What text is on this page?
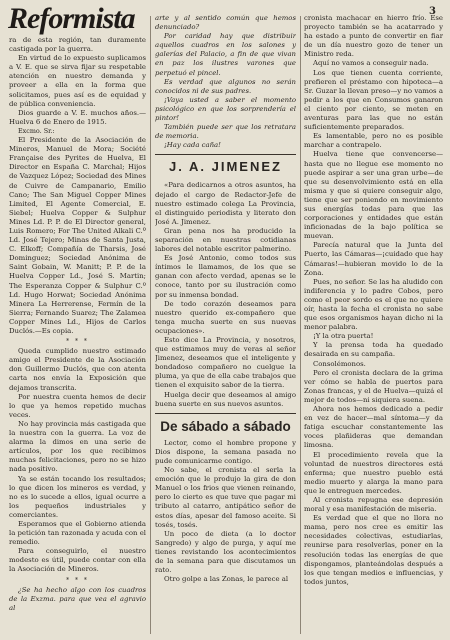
Reformista	3

ra de esta región, tan duramente castigada por la guerra.

En virtud de lo expuesto suplicamos a V. E. que se sirva fijar su respetable atención en nuestro demanda y proveer a ella en la forma que solicitamos, pues así es de equidad y de pública conveniencia.

Dios guarde a V. E. muchos años.—Huelva 6 de Enero de 1915.

Excmo. Sr.:

El Presidente de la Asociación de Mineros, Manuel de Mora; Société Française des Pyrites de Huelva, El Director en España C. Marchal; Hijos de Vazquez López; Sociedad des Mines de Cuivre de Campanario, Emilio Cano; The San Miguel Copper Mines Limited, El Agente Comercial, E. Siebel; Huelva Copper & Sulphur Mines Ld. P. P. de El Director general, Luis Romero; For The United Alkali C.º Ld. José Tejero; Minas de Santa Justa, C. Elkoff; Compañía de Tharsis, José Dominguez; Sociedad Anónima de Saint Gobain, W. Manitt; P. P. de la Huelva Copper Ld., José S. Martin; The Esperanza Copper & Sulphur C.º Ld. Hugo Horwat; Sociedad Anónima Minera La Herrerense, Fermín de la Sierra; Fernando Suarez; The Zalamea Copper Mines Ld., Hijos de Carlos Duclós.—Es copia.

* * *

Queda cumplido nuestro estimado amigo el Presidente de la Asociación don Guillermo Duclós, que con atenta carta nos envía la Exposición que dejamos transcrita.

Por nuestra cuenta hemos de decir lo que ya hemos repetido muchas veces.

No hay provincia más castigada que la nuestra con la guerra. La voz de alarma la dimos en una serie de artículos, por los que recibimos muchas felicitaciones, pero no se hizo nada positivo.

Ya se están tocando los resultados; lo que dicen los mineros es verdad, y no es lo sucede a ellos, igual ocurre a los pequeños industriales y comerciantes.

Esperamos que el Gobierno atienda la petición tan razonada y acuda con el remedio.

Para conseguirlo, el nuestro modesto es útil, puede contar con ella la Asociación de Mineros.

* * *

¿Se ha hecho algo con los cuadros de la Exzma. para que vea el agravio al

arte y al sentido común que hemos denunciado?

Por caridad hay que distribuir aquellos cuadros en los salones y galerías del Palacio, a fin de que vivan en paz los ilustres varones que perpetuó el pincel.

Es verdad que algunos no serán conocidos ni de sus padres.

¡Vaya usted a saber el momento psicológico en que los sorprendería el pintor!

También puede ser que los retratara de memoria.

¡Hay cada caña!

J. A. JIMENEZ

«Para dedicarnos a otros asuntos, ha dejado el cargo de Redactor-Jefe de nuestro estimado colega La Provincia, el distinguido periodista y literato don José A. Jimenez.

Gran pena nos ha producido la separación en nuestras cotidianas labores del notable escritor palmerino.

Es José Antonio, como todos sus íntimos le llamamos, de los que se ganan con afecto verdad, apenas se le conoce, tanto por su ilustración como por su inmensa bondad.

De todo corazón deseamos para nuestro querido ex-compañero que tenga mucha suerte en sus nuevas ocupaciones».

Esto dice La Provincia, y nosotros, que estimamos muy de veras al señor Jimenez, deseamos que el inteligente y bondadoso compañero no cuelgue la pluma, ya que de ella cabe trabajos que tienen el exquisito sabor de la tierra.

Huelga decir que deseamos al amigo buena suerte en sus nuevos asuntos.

De sábado a sábado

Lector, como el hombre propone y Dios dispone, la semana pasada no pude comunicarme contigo.

No sabe, el cronista el serla la emoción que le produjo la gira de don Manuel o los frios que vienen reinando, pero lo cierto es que tuve que pagar mi tributo al catarro, antipático señor de estos días, apesar del famoso aceite. Si tosés, tosés.

Un poco de dieta (a lo doctor Sangredo) y algo de purga, y aquí me tienes revistando los acontecimientos de la semana para que discutamos un rato.

Otro golpe a las Zonas, le parece al

cronista machacar en hierro frío. Ese proyecto también se ha acatarrado y ha estado a punto de convertir en fiar de un día nuestro gozo de tener un Ministro reda.

Aquí no vamos a conseguir nada.

Los que tienen cuenta corriente, prefieren el préstamo con hipoteca—a Sr. Guzar la llevan preso—y no vamos a pedir a los que en Consumos ganaron el ciento por ciento, se meten en aventuras para las que no están suficientemente preparados.

Es lamentable, pero no es posible marchar a contrapelo.

Huelva tiene que convencerse—hasta que no llegue ese momento no puede aspirar a ser una gran urbe—de que su desenvolvimiento está en ella misma y que si quiere conseguir algo, tiene que ser poniendo en movimiento sus energías todas para que las corporaciones y entidades que están inficionadas de la bajo política se muevan.

Parecía natural que la Junta del Puerto, las Cámaras—¡cuidado que hay Cámaras!—hubieran movido lo de la Zona.

Pues, no señor. Se las ha aludido con indiferencia y lo padre Cobos, pero como el peor sordo es el que no quiere oír, hasta la fecha el cronista no sabe que esos organismos hayan dicho ni la menor palabra.

¡Y la otra puerta!

Y la prensa toda ha quedado desairada en su campaña.

Consolémonos.

Pero el cronista declara de la grima ver cómo se habla de puertos para Zonas francas, y el de Huelva—quizá el mejor de todos—ni siquiera suena.

Ahora nos hemos dedicado a pedir en vez de hacer—mal síntoma—y da fatiga escuchar constantemente las voces plañideras que demandan limosna.

El procedimiento revela que la voluntad de nuestros directores está enferma; que nuestro pueblo está medio muerto y alarga la mano para que le entreguen mercedes.

Al cronista repugna ese depresión moral y esa manifestación de miseria.

Es verdad que el que no llora no mama, pero nos cree es emitir las necesidades colectivas, estudiarlas, reunirse para resolverlas, poner en la resolución todas las energías de que dispongamos, planteándolas después a los que tengan medios e influencias, y todos juntos,
